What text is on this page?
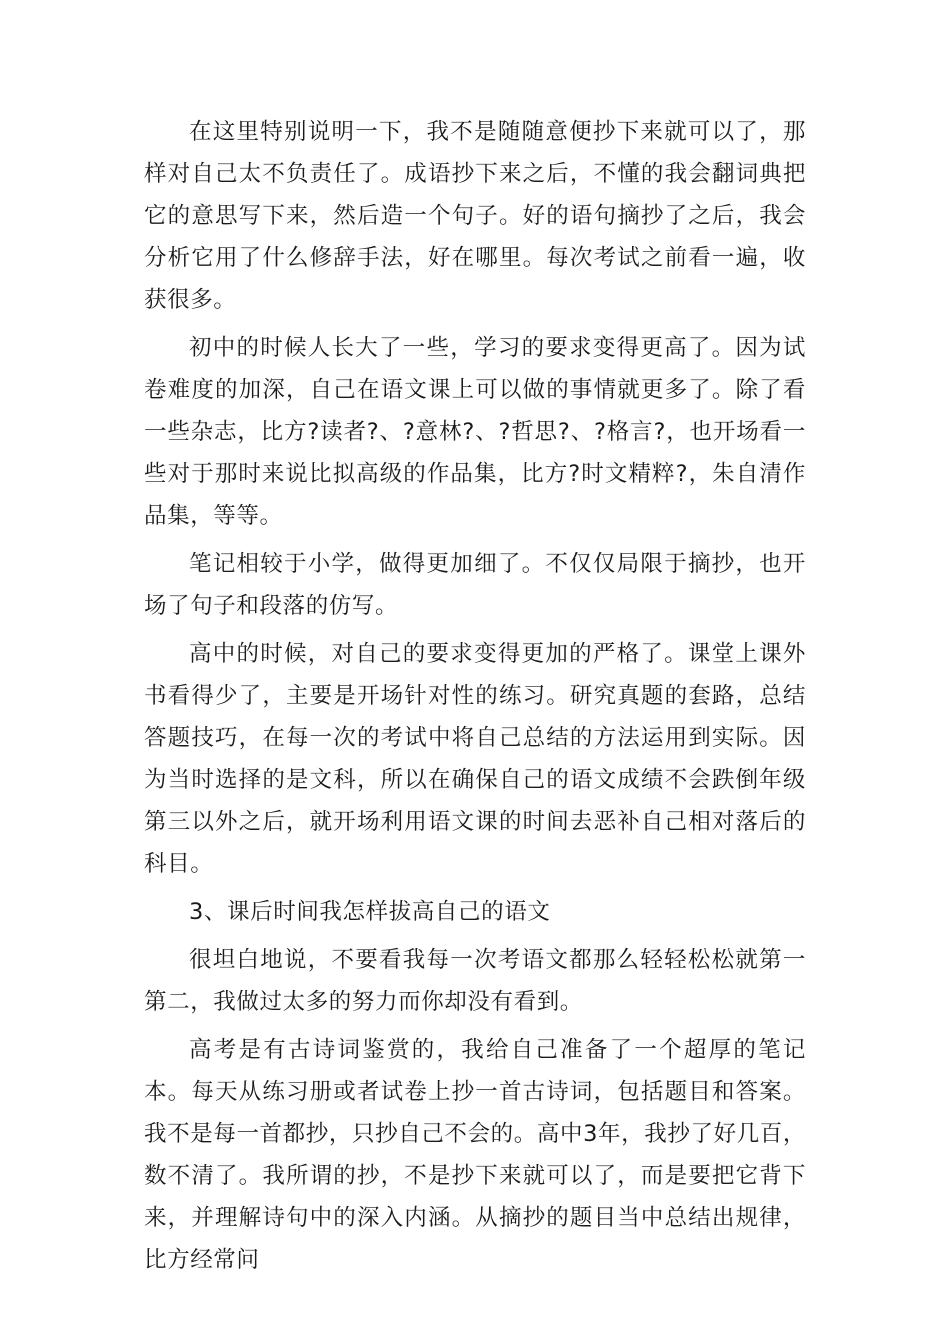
在这里特别说明一下，我不是随随意便抄下来就可以了，那样对自己太不负责任了。成语抄下来之后，不懂的我会翻词典把它的意思写下来，然后造一个句子。好的语句摘抄了之后，我会分析它用了什么修辞手法，好在哪里。每次考试之前看一遍，收获很多。

初中的时候人长大了一些，学习的要求变得更高了。因为试卷难度的加深，自己在语文课上可以做的事情就更多了。除了看一些杂志，比方?读者?、?意林?、?哲思?、?格言?，也开场看一些对于那时来说比拟高级的作品集，比方?时文精粹?，朱自清作品集，等等。

笔记相较于小学，做得更加细了。不仅仅局限于摘抄，也开场了句子和段落的仿写。

高中的时候，对自己的要求变得更加的严格了。课堂上课外书看得少了，主要是开场针对性的练习。研究真题的套路，总结答题技巧，在每一次的考试中将自己总结的方法运用到实际。因为当时选择的是文科，所以在确保自己的语文成绩不会跌倒年级第三以外之后，就开场利用语文课的时间去恶补自己相对落后的科目。

3、课后时间我怎样拔高自己的语文

很坦白地说，不要看我每一次考语文都那么轻轻松松就第一第二，我做过太多的努力而你却没有看到。

高考是有古诗词鉴赏的，我给自己准备了一个超厚的笔记本。每天从练习册或者试卷上抄一首古诗词，包括题目和答案。我不是每一首都抄，只抄自己不会的。高中3年，我抄了好几百，数不清了。我所谓的抄，不是抄下来就可以了，而是要把它背下来，并理解诗句中的深入内涵。从摘抄的题目当中总结出规律，比方经常问
